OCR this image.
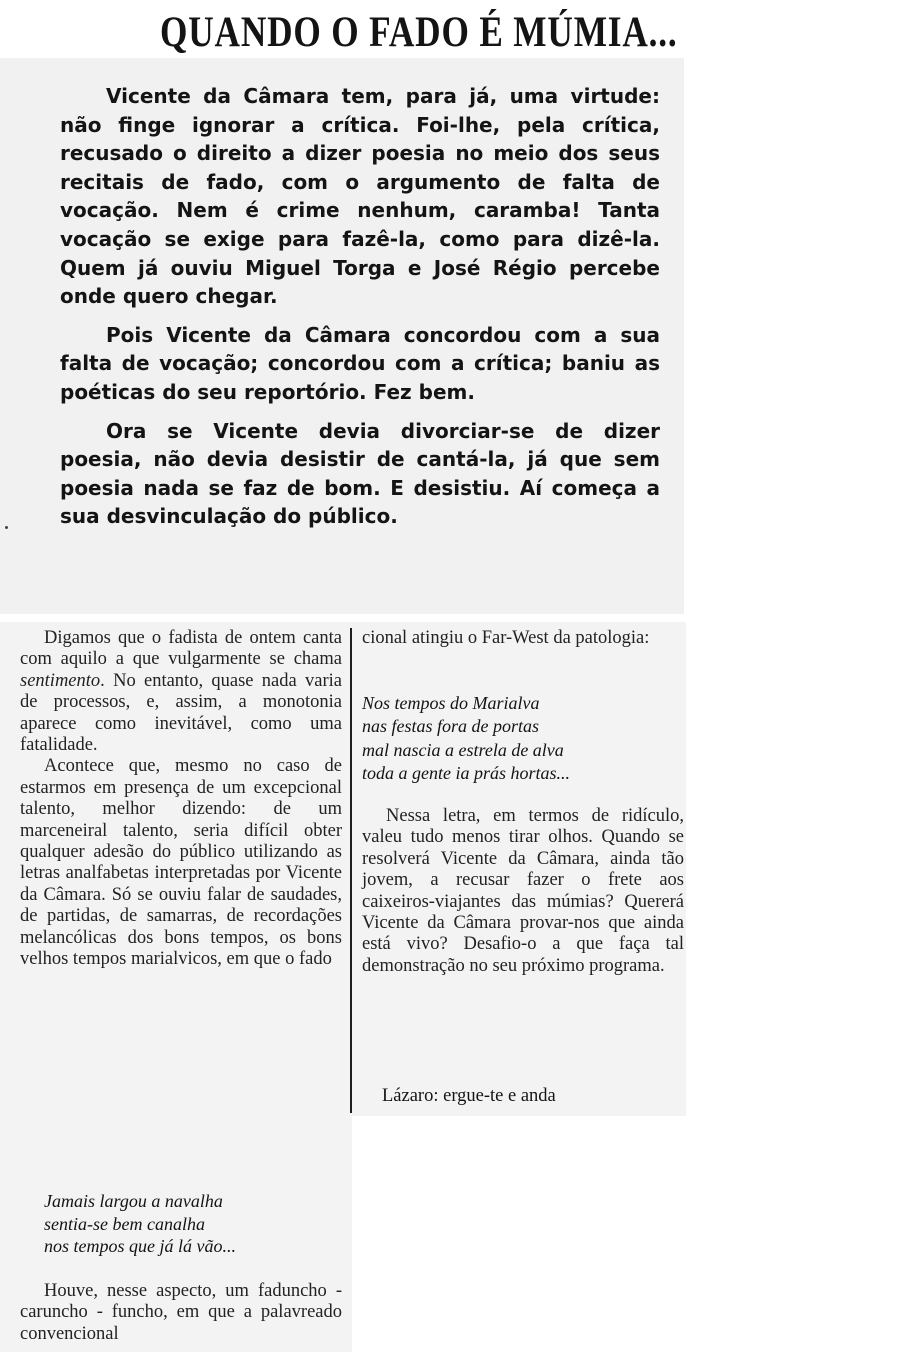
QUANDO O FADO É MÚMIA...

Vicente da Câmara tem, para já, uma virtude: não finge ignorar a crítica. Foi-lhe, pela crítica, recusado o direito a dizer poesia no meio dos seus recitais de fado, com o argumento de falta de vocação. Nem é crime nenhum, caramba! Tanta vocação se exige para fazê-la, como para dizê-la. Quem já ouviu Miguel Torga e José Régio percebe onde quero chegar.

Pois Vicente da Câmara concordou com a sua falta de vocação; concordou com a crítica; baniu as poéticas do seu reportório. Fez bem.

Ora se Vicente devia divorciar-se de dizer poesia, não devia desistir de cantá-la, já que sem poesia nada se faz de bom. E desistiu. Aí começa a sua desvinculação do público.

Digamos que o fadista de ontem canta com aquilo a que vulgarmente se chama sentimento. No entanto, quase nada varia de processos, e, assim, a monotonia aparece como inevitável, como uma fatalidade.

Acontece que, mesmo no caso de estarmos em presença de um excepcional talento, melhor dizendo: de um marceneiral talento, seria difícil obter qualquer adesão do público utilizando as letras analfabetas interpretadas por Vicente da Câmara. Só se ouviu falar de saudades, de partidas, de samarras, de recordações melancólicas dos bons tempos, os bons velhos tempos marialvicos, em que o fado

Jamais largou a navalha
sentia-se bem canalha
nos tempos que já lá vão...

Houve, nesse aspecto, um faduncho - caruncho - funcho, em que a palavreado convencional

cional atingiu o Far-West da patologia:

Nos tempos do Marialva
nas festas fora de portas
mal nascia a estrela de alva
toda a gente ia prás hortas...

Nessa letra, em termos de ridículo, valeu tudo menos tirar olhos. Quando se resolverá Vicente da Câmara, ainda tão jovem, a recusar fazer o frete aos caixeiros-viajantes das múmias? Quererá Vicente da Câmara provar-nos que ainda está vivo? Desafio-o a que faça tal demonstração no seu próximo programa.

Lázaro: ergue-te e anda
